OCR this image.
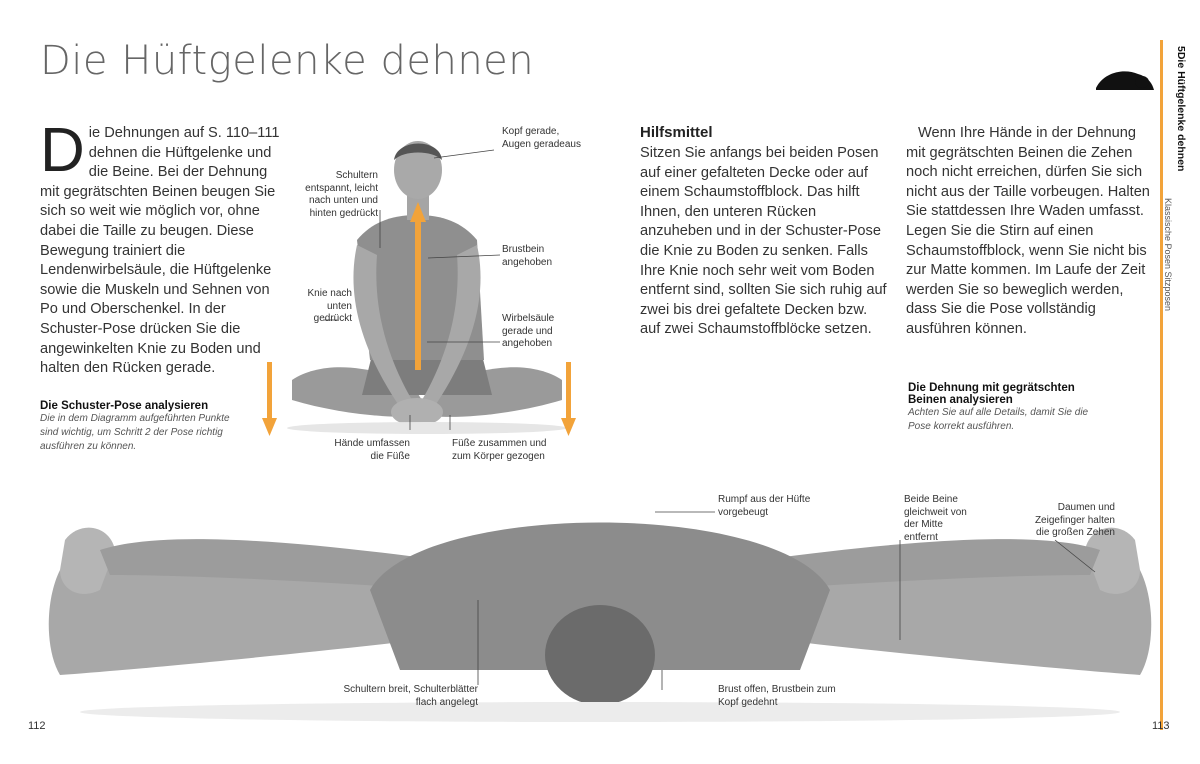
Die Hüftgelenke dehnen
Die Dehnungen auf S. 110–111 dehnen die Hüftgelenke und die Beine. Bei der Dehnung mit gegrätschten Beinen beugen Sie sich so weit wie möglich vor, ohne dabei die Taille zu beugen. Diese Bewegung trainiert die Lendenwirbelsäule, die Hüftgelenke sowie die Muskeln und Sehnen von Po und Oberschenkel. In der Schuster-Pose drücken Sie die angewinkelten Knie zu Boden und halten den Rücken gerade.
Die Schuster-Pose analysieren
Die in dem Diagramm aufgeführten Punkte sind wichtig, um Schritt 2 der Pose richtig ausführen zu können.
Schultern entspannt, leicht nach unten und hinten gedrückt
Kopf gerade, Augen geradeaus
Brustbein angehoben
Knie nach unten gedrückt	Wirbelsäule gerade und angehoben
Hände umfassen die Füße
Füße zusammen und zum Körper gezogen
Hilfsmittel
Sitzen Sie anfangs bei beiden Posen auf einer gefalteten Decke oder auf einem Schaumstoffblock. Das hilft Ihnen, den unteren Rücken anzuheben und in der Schuster-Pose die Knie zu Boden zu senken. Falls Ihre Knie noch sehr weit vom Boden entfernt sind, sollten Sie sich ruhig auf zwei bis drei gefaltete Decken bzw. auf zwei Schaumstoffblöcke setzen.
Wenn Ihre Hände in der Dehnung mit gegrätschten Beinen die Zehen noch nicht erreichen, dürfen Sie sich nicht aus der Taille vorbeugen. Halten Sie stattdessen Ihre Waden umfasst. Legen Sie die Stirn auf einen Schaumstoffblock, wenn Sie nicht bis zur Matte kommen. Im Laufe der Zeit werden Sie so beweglich werden, dass Sie die Pose vollständig ausführen können.
Die Dehnung mit gegrätschten Beinen analysieren
Achten Sie auf alle Details, damit Sie die Pose korrekt ausführen.
5Die Hüftgelenke dehnen
Klassische Posen Sitzposen
Rumpf aus der Hüfte vorgebeugt
Beide Beine gleichweit von der Mitte entfernt
Daumen und Zeigefinger halten die großen Zehen
Schultern breit, Schulterblätter flach angelegt
Brust offen, Brustbein zum Kopf gedehnt
112	113
